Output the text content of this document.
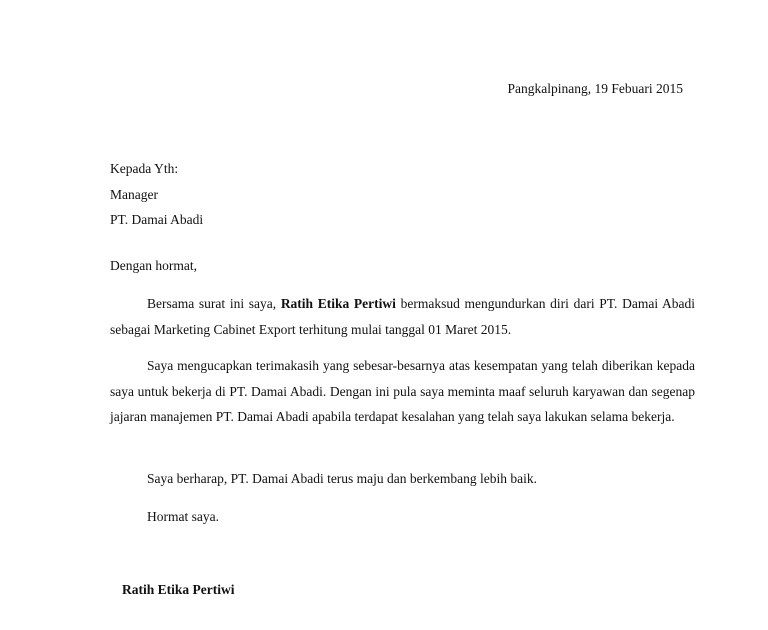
Pangkalpinang, 19 Febuari 2015
Kepada Yth:
Manager
PT. Damai Abadi
Dengan hormat,
Bersama surat ini saya, Ratih Etika Pertiwi bermaksud mengundurkan diri dari PT. Damai Abadi sebagai Marketing Cabinet Export terhitung mulai tanggal 01 Maret 2015.
Saya mengucapkan terimakasih yang sebesar-besarnya atas kesempatan yang telah diberikan kepada saya untuk bekerja di PT. Damai Abadi. Dengan ini pula saya meminta maaf seluruh karyawan dan segenap jajaran manajemen PT. Damai Abadi apabila terdapat kesalahan yang telah saya lakukan selama bekerja.
Saya berharap, PT. Damai Abadi terus maju dan berkembang lebih baik.
Hormat saya.
Ratih Etika Pertiwi
